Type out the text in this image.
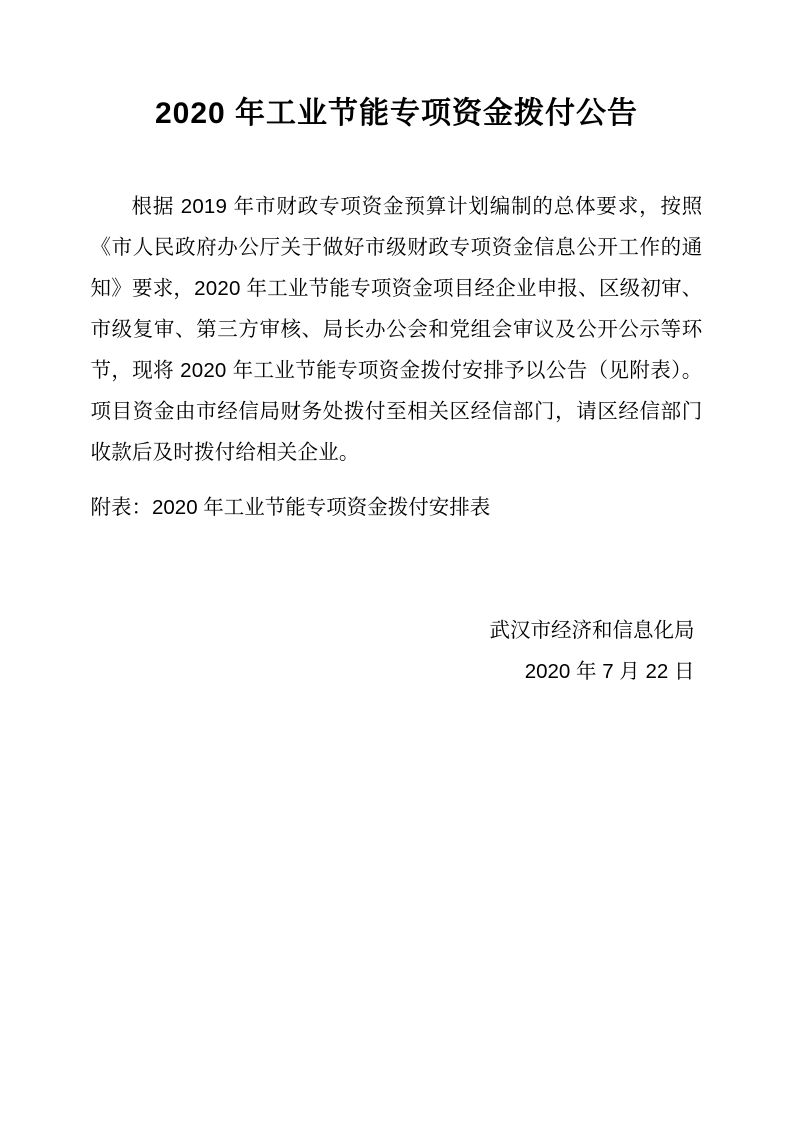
2020 年工业节能专项资金拨付公告

根据 2019 年市财政专项资金预算计划编制的总体要求，按照《市人民政府办公厅关于做好市级财政专项资金信息公开工作的通知》要求，2020 年工业节能专项资金项目经企业申报、区级初审、市级复审、第三方审核、局长办公会和党组会审议及公开公示等环节，现将 2020 年工业节能专项资金拨付安排予以公告（见附表）。项目资金由市经信局财务处拨付至相关区经信部门，请区经信部门收款后及时拨付给相关企业。

附表：2020 年工业节能专项资金拨付安排表

武汉市经济和信息化局
2020 年 7 月 22 日
